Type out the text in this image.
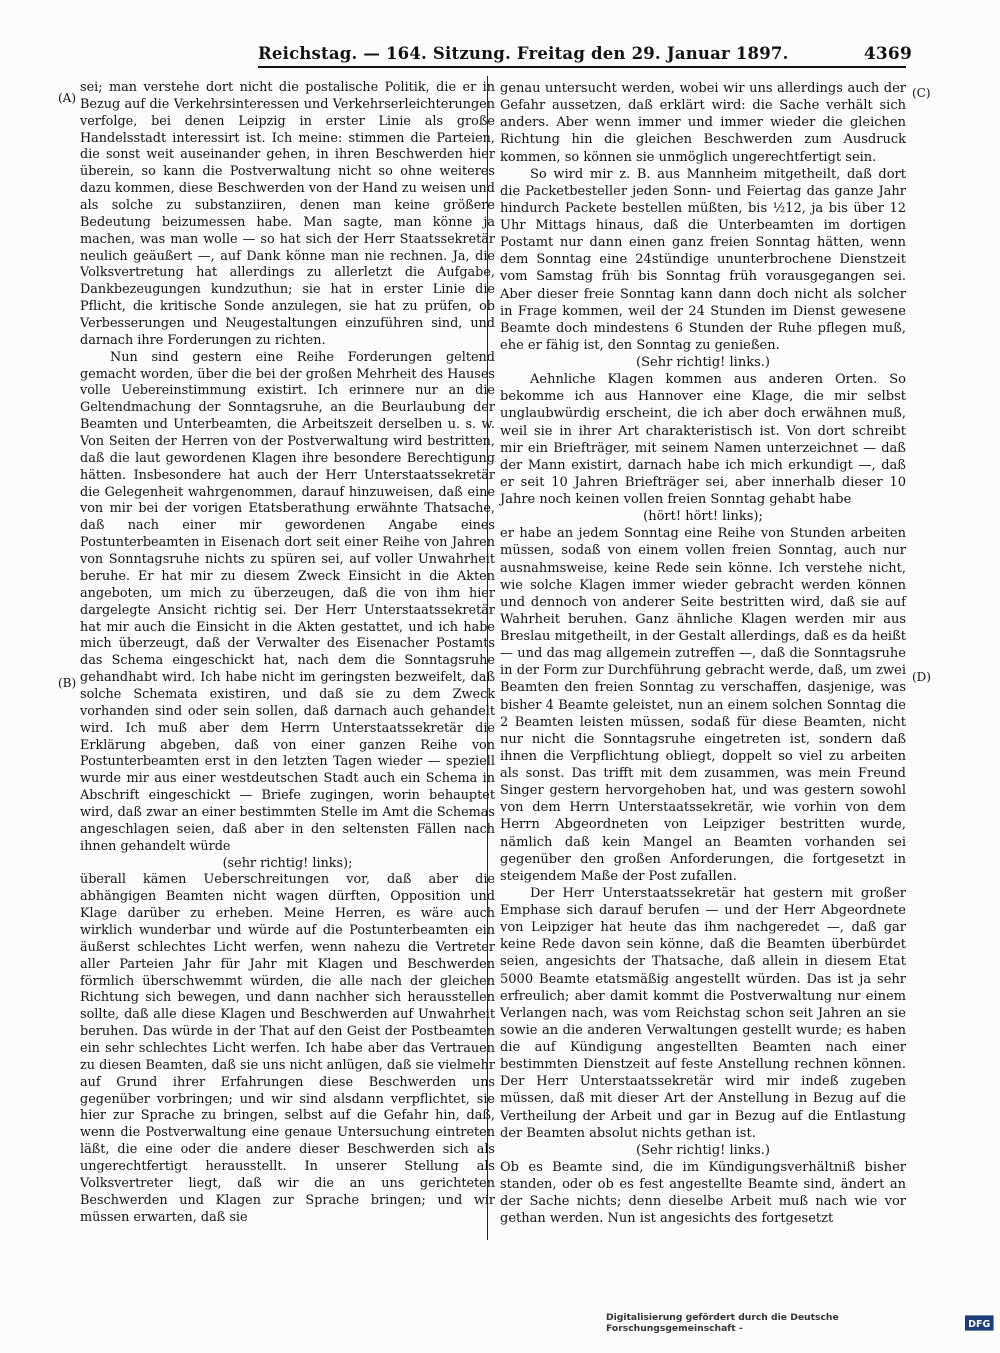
Reichstag. — 164. Sitzung. Freitag den 29. Januar 1897.	4369
(A)
(B)
(C)
(D)

sei; man verstehe dort nicht die postalische Politik, die er in Bezug auf die Verkehrsinteressen und Verkehrserleichterungen verfolge, bei denen Leipzig in erster Linie als große Handelsstadt interessirt ist. Ich meine: stimmen die Parteien, die sonst weit auseinander gehen, in ihren Beschwerden hier überein, so kann die Postverwaltung nicht so ohne weiteres dazu kommen, diese Beschwerden von der Hand zu weisen und als solche zu substanziiren, denen man keine größere Bedeutung beizumessen habe. Man sagte, man könne ja machen, was man wolle — so hat sich der Herr Staatssekretär neulich geäußert —, auf Dank könne man nie rechnen. Ja, die Volksvertretung hat allerdings zu allerletzt die Aufgabe, Dankbezeugungen kundzuthun; sie hat in erster Linie die Pflicht, die kritische Sonde anzulegen, sie hat zu prüfen, ob Verbesserungen und Neugestaltungen einzuführen sind, und darnach ihre Forderungen zu richten.

Nun sind gestern eine Reihe Forderungen geltend gemacht worden, über die bei der großen Mehrheit des Hauses volle Uebereinstimmung existirt. Ich erinnere nur an die Geltendmachung der Sonntagsruhe, an die Beurlaubung der Beamten und Unterbeamten, die Arbeitszeit derselben u. s. w. Von Seiten der Herren von der Postverwaltung wird bestritten, daß die laut gewordenen Klagen ihre besondere Berechtigung hätten. Insbesondere hat auch der Herr Unterstaatssekretär die Gelegenheit wahrgenommen, darauf hinzuweisen, daß eine von mir bei der vorigen Etatsberathung erwähnte Thatsache, daß nach einer mir gewordenen Angabe eines Postunterbeamten in Eisenach dort seit einer Reihe von Jahren von Sonntagsruhe nichts zu spüren sei, auf voller Unwahrheit beruhe. Er hat mir zu diesem Zweck Einsicht in die Akten angeboten, um mich zu überzeugen, daß die von ihm hier dargelegte Ansicht richtig sei. Der Herr Unterstaatssekretär hat mir auch die Einsicht in die Akten gestattet, und ich habe mich überzeugt, daß der Verwalter des Eisenacher Postamts das Schema eingeschickt hat, nach dem die Sonntagsruhe gehandhabt wird. Ich habe nicht im geringsten bezweifelt, daß solche Schemata existiren, und daß sie zu dem Zweck vorhanden sind oder sein sollen, daß darnach auch gehandelt wird. Ich muß aber dem Herrn Unterstaatssekretär die Erklärung abgeben, daß von einer ganzen Reihe von Postunterbeamten erst in den letzten Tagen wieder — speziell wurde mir aus einer westdeutschen Stadt auch ein Schema in Abschrift eingeschickt — Briefe zugingen, worin behauptet wird, daß zwar an einer bestimmten Stelle im Amt die Schemas angeschlagen seien, daß aber in den seltensten Fällen nach ihnen gehandelt würde

(sehr richtig! links);

überall kämen Ueberschreitungen vor, daß aber die abhängigen Beamten nicht wagen dürften, Opposition und Klage darüber zu erheben. Meine Herren, es wäre auch wirklich wunderbar und würde auf die Postunterbeamten ein äußerst schlechtes Licht werfen, wenn nahezu die Vertreter aller Parteien Jahr für Jahr mit Klagen und Beschwerden förmlich überschwemmt würden, die alle nach der gleichen Richtung sich bewegen, und dann nachher sich herausstellen sollte, daß alle diese Klagen und Beschwerden auf Unwahrheit beruhen. Das würde in der That auf den Geist der Postbeamten ein sehr schlechtes Licht werfen. Ich habe aber das Vertrauen zu diesen Beamten, daß sie uns nicht anlügen, daß sie vielmehr auf Grund ihrer Erfahrungen diese Beschwerden uns gegenüber vorbringen; und wir sind alsdann verpflichtet, sie hier zur Sprache zu bringen, selbst auf die Gefahr hin, daß, wenn die Postverwaltung eine genaue Untersuchung eintreten läßt, die eine oder die andere dieser Beschwerden sich als ungerechtfertigt herausstellt. In unserer Stellung als Volksvertreter liegt, daß wir die an uns gerichteten Beschwerden und Klagen zur Sprache bringen; und wir müssen erwarten, daß sie

genau untersucht werden, wobei wir uns allerdings auch der Gefahr aussetzen, daß erklärt wird: die Sache verhält sich anders. Aber wenn immer und immer wieder die gleichen Richtung hin die gleichen Beschwerden zum Ausdruck kommen, so können sie unmöglich ungerechtfertigt sein.

So wird mir z. B. aus Mannheim mitgetheilt, daß dort die Packetbesteller jeden Sonn- und Feiertag das ganze Jahr hindurch Packete bestellen müßten, bis ½12, ja bis über 12 Uhr Mittags hinaus, daß die Unterbeamten im dortigen Postamt nur dann einen ganz freien Sonntag hätten, wenn dem Sonntag eine 24stündige ununterbrochene Dienstzeit vom Samstag früh bis Sonntag früh vorausgegangen sei. Aber dieser freie Sonntag kann dann doch nicht als solcher in Frage kommen, weil der 24 Stunden im Dienst gewesene Beamte doch mindestens 6 Stunden der Ruhe pflegen muß, ehe er fähig ist, den Sonntag zu genießen.

(Sehr richtig! links.)

Aehnliche Klagen kommen aus anderen Orten. So bekomme ich aus Hannover eine Klage, die mir selbst unglaubwürdig erscheint, die ich aber doch erwähnen muß, weil sie in ihrer Art charakteristisch ist. Von dort schreibt mir ein Briefträger, mit seinem Namen unterzeichnet — daß der Mann existirt, darnach habe ich mich erkundigt —, daß er seit 10 Jahren Briefträger sei, aber innerhalb dieser 10 Jahre noch keinen vollen freien Sonntag gehabt habe

(hört! hört! links);

er habe an jedem Sonntag eine Reihe von Stunden arbeiten müssen, sodaß von einem vollen freien Sonntag, auch nur ausnahmsweise, keine Rede sein könne. Ich verstehe nicht, wie solche Klagen immer wieder gebracht werden können und dennoch von anderer Seite bestritten wird, daß sie auf Wahrheit beruhen. Ganz ähnliche Klagen werden mir aus Breslau mitgetheilt, in der Gestalt allerdings, daß es da heißt — und das mag allgemein zutreffen —, daß die Sonntagsruhe in der Form zur Durchführung gebracht werde, daß, um zwei Beamten den freien Sonntag zu verschaffen, dasjenige, was bisher 4 Beamte geleistet, nun an einem solchen Sonntag die 2 Beamten leisten müssen, sodaß für diese Beamten, nicht nur nicht die Sonntagsruhe eingetreten ist, sondern daß ihnen die Verpflichtung obliegt, doppelt so viel zu arbeiten als sonst. Das trifft mit dem zusammen, was mein Freund Singer gestern hervorgehoben hat, und was gestern sowohl von dem Herrn Unterstaatssekretär, wie vorhin von dem Herrn Abgeordneten von Leipziger bestritten wurde, nämlich daß kein Mangel an Beamten vorhanden sei gegenüber den großen Anforderungen, die fortgesetzt in steigendem Maße der Post zufallen.

Der Herr Unterstaatssekretär hat gestern mit großer Emphase sich darauf berufen — und der Herr Abgeordnete von Leipziger hat heute das ihm nachgeredet —, daß gar keine Rede davon sein könne, daß die Beamten überbürdet seien, angesichts der Thatsache, daß allein in diesem Etat 5000 Beamte etatsmäßig angestellt würden. Das ist ja sehr erfreulich; aber damit kommt die Postverwaltung nur einem Verlangen nach, was vom Reichstag schon seit Jahren an sie sowie an die anderen Verwaltungen gestellt wurde; es haben die auf Kündigung angestellten Beamten nach einer bestimmten Dienstzeit auf feste Anstellung rechnen können. Der Herr Unterstaatssekretär wird mir indeß zugeben müssen, daß mit dieser Art der Anstellung in Bezug auf die Vertheilung der Arbeit und gar in Bezug auf die Entlastung der Beamten absolut nichts gethan ist.

(Sehr richtig! links.)

Ob es Beamte sind, die im Kündigungsverhältniß bisher standen, oder ob es fest angestellte Beamte sind, ändert an der Sache nichts; denn dieselbe Arbeit muß nach wie vor gethan werden. Nun ist angesichts des fortgesetzt

Digitalisierung gefördert durch die Deutsche Forschungsgemeinschaft -	DFG
